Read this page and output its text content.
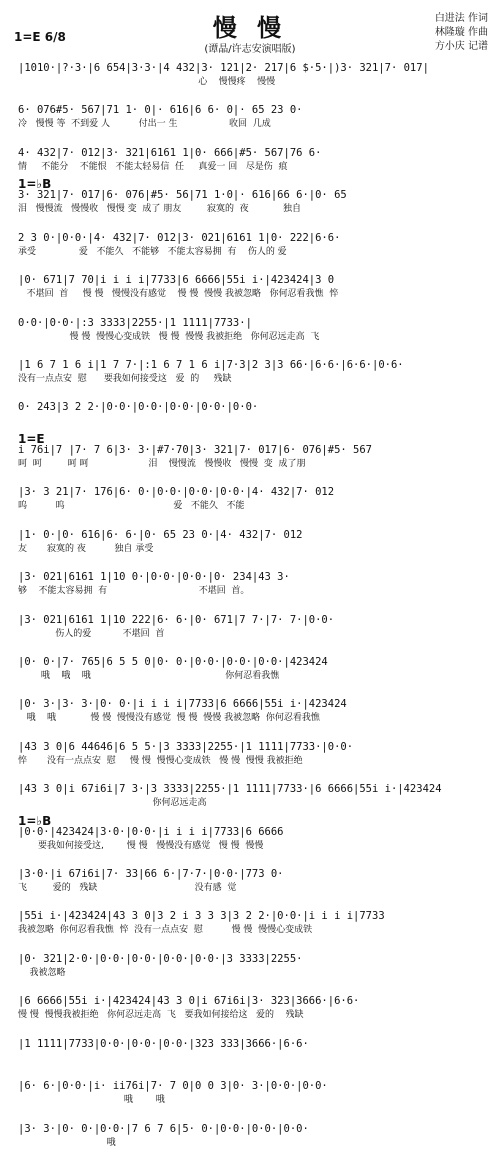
慢 慢
(谭晶/许志安演唱版)
白进法 作词
林隆璇 作曲
方小庆 记谱
1=E 6/8
|1010·|?·3·|6 654|3·3·|4 432|3· 121|2· 217|6 $·5·|)3· 321|7· 017|
心    慢慢疼    慢慢
6· 076#5· 567|71 1· 0|· 616|6 6· 0|· 65 23 0·
冷   慢慢 等  不到爱 人          付出一 生                  收回  几成
4· 432|7· 012|3· 321|6161 1|0· 666|#5· 567|76 6·
情     不能分    不能恨   不能太轻易信  任     真爱一 回   尽是伤  痕
1=♭B
3· 321|7· 017|6· 076|#5· 56|71 1·0|· 616|66 6·|0· 65
泪   慢慢流   慢慢收   慢慢 变  成了 朋友         寂寞的  夜            独自
2 3 0·|0·0·|4· 432|7· 012|3· 021|6161 1|0· 222|6·6·
承受               爱   不能久   不能够   不能太容易拥  有    伤人的 爱
|0· 671|7 70|i i i i|7733|6 6666|55i i·|423424|3 0
不堪回  首     慢 慢   慢慢没有感觉    慢 慢  慢慢 我被忽略   你何忍看我憔  悴
0·0·|0·0·|:3 3333|2255·|1 1111|7733·|
慢 慢  慢慢心变成铁   慢 慢  慢慢 我被拒绝   你何忍远走高  飞
|1 6 7 1 6 i|1 7 7·|:1 6 7 1 6 i|7·3|2 3|3 66·|6·6·|6·6·|0·6·
没有一点点安  慰      要我如何接受这   爱  的     残缺
0· 243|3 2 2·|0·0·|0·0·|0·0·|0·0·|0·0·
1=E
i 76i|7 |7· 7 6|3· 3·|#7·70|3· 321|7· 017|6· 076|#5· 567
呵  呵         呵 呵                     泪    慢慢流   慢慢收   慢慢  变  成了朋
|3· 3 21|7· 176|6· 0·|0·0·|0·0·|0·0·|4· 432|7· 012
呜          呜                                      爱   不能久   不能
|1· 0·|0· 616|6· 6·|0· 65 23 0·|4· 432|7· 012
友       寂寞的 夜          独自 承受
|3· 021|6161 1|10 0·|0·0·|0·0·|0· 234|43 3·
够    不能太容易拥  有                                不堪回  首。
|3· 021|6161 1|10 222|6· 6·|0· 671|7 7·|7· 7·|0·0·
伤人的爱           不堪回  首
|0· 0·|7· 765|6 5 5 0|0· 0·|0·0·|0·0·|0·0·|423424
哦    哦    哦                                               你何忍看我憔
|0· 3·|3· 3·|0· 0·|i i i i|7733|6 6666|55i i·|423424
哦    哦            慢 慢  慢慢没有感觉  慢 慢  慢慢 我被忽略  你何忍看我憔
|43 3 0|6 44646|6 5 5·|3 3333|2255·|1 1111|7733·|0·0·
悴       没有一点点安  慰     慢 慢  慢慢心变成铁   慢 慢  慢慢 我被拒绝
|43 3 0|i 67i6i|7 3·|3 3333|2255·|1 1111|7733·|6 6666|55i i·|423424
你何忍远走高
1=♭B
|0·0·|423424|3·0·|0·0·|i i i i|7733|6 6666
要我如何接受这,        慢 慢   慢慢没有感觉   慢 慢  慢慢
|3·0·|i 67i6i|7· 33|66 6·|7·7·|0·0·|773 0·
飞         爱的   残缺                                  没有感  觉
|55i i·|423424|43 3 0|3 2 i 3 3 3|3 2 2·|0·0·|i i i i|7733
我被忽略  你何忍看我憔  悴  没有一点点安  慰          慢 慢  慢慢心变成铁
|0· 321|2·0·|0·0·|0·0·|0·0·|0·0·|3 3333|2255·
我被忽略
|6 6666|55i i·|423424|43 3 0|i 67i6i|3· 323|3666·|6·6·
慢 慢  慢慢我被拒绝   你何忍远走高  飞   要我如何接给这   爱的    残缺
|1 1111|7733|0·0·|0·0·|0·0·|323 333|3666·|6·6·
|6· 6·|0·0·|i· ii76i|7· 7 0|0 0 3|0· 3·|0·0·|0·0·
哦        哦
|3· 3·|0· 0·|0·0·|7 6 7 6|5· 0·|0·0·|0·0·|0·0·
哦
